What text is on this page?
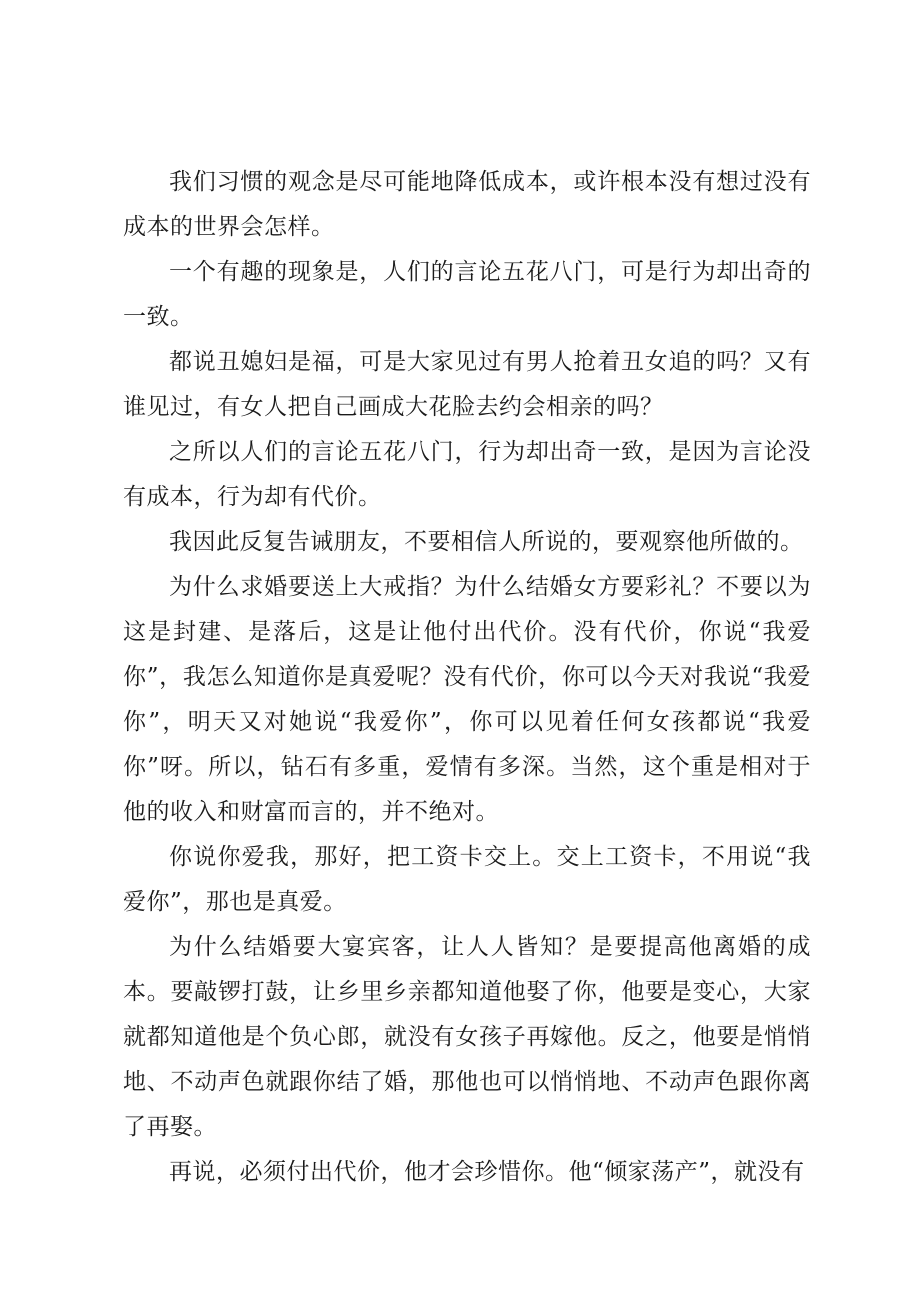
我们习惯的观念是尽可能地降低成本，或许根本没有想过没有成本的世界会怎样。

一个有趣的现象是，人们的言论五花八门，可是行为却出奇的一致。

都说丑媳妇是福，可是大家见过有男人抢着丑女追的吗？又有谁见过，有女人把自己画成大花脸去约会相亲的吗？

之所以人们的言论五花八门，行为却出奇一致，是因为言论没有成本，行为却有代价。

我因此反复告诫朋友，不要相信人所说的，要观察他所做的。

为什么求婚要送上大戒指？为什么结婚女方要彩礼？不要以为这是封建、是落后，这是让他付出代价。没有代价，你说“我爱你”，我怎么知道你是真爱呢？没有代价，你可以今天对我说“我爱你”，明天又对她说“我爱你”，你可以见着任何女孩都说“我爱你”呀。所以，钻石有多重，爱情有多深。当然，这个重是相对于他的收入和财富而言的，并不绝对。

你说你爱我，那好，把工资卡交上。交上工资卡，不用说“我爱你”，那也是真爱。

为什么结婚要大宴宾客，让人人皆知？是要提高他离婚的成本。要敲锣打鼓，让乡里乡亲都知道他娶了你，他要是变心，大家就都知道他是个负心郎，就没有女孩子再嫁他。反之，他要是悄悄地、不动声色就跟你结了婚，那他也可以悄悄地、不动声色跟你离了再娶。

再说，必须付出代价，他才会珍惜你。他“倾家荡产”，就没有
